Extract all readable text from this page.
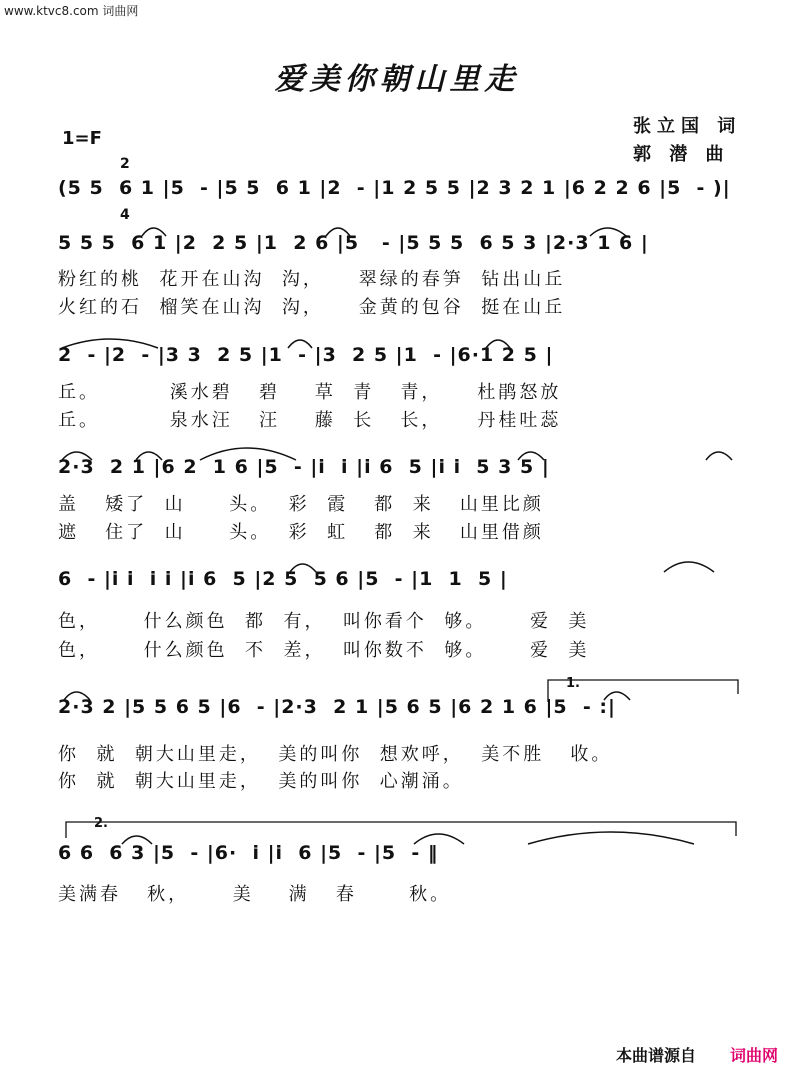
www.ktvc8.com 词曲网
爱美你朝山里走
1=F

2

4

张立国 词
郭 潜 曲
(5 5  6 1 |5  - |5 5  6 1 |2  - |1 2 5 5 |2 3 2 1 |6 2 2 6 |5  - )|
5 5 5  6 1 |2  2 5 |1  2 6 |5   - |5 5 5  6 5 3 |2·3 1 6 |
粉红的桃  花开在山沟  沟，    翠绿的春笋  钻出山丘
火红的石  榴笑在山沟  沟，    金黄的包谷  挺在山丘
2  - |2  - |3 3  2 5 |1  - |3  2 5 |1  - |6·1 2 5 |
丘。        溪水碧   碧    草  青   青，    杜鹃怒放
丘。        泉水汪   汪    藤  长   长，    丹桂吐蕊
2·3  2 1 |6 2  1 6 |5  - |i  i |i 6  5 |i i  5 3 5 |
盖   矮了  山     头。  彩  霞   都  来   山里比颜
遮   住了  山     头。  彩  虹   都  来   山里借颜
6  - |i i  i i |i 6  5 |2 5  5 6 |5  - |1  1  5 |
色，     什么颜色  都  有，  叫你看个  够。     爱  美
色，     什么颜色  不  差，  叫你数不  够。     爱  美
1.
2·3 2 |5 5 6 5 |6  - |2·3  2 1 |5 6 5 |6 2 1 6 |5  - :|
你  就  朝大山里走，  美的叫你  想欢呼，  美不胜   收。
你  就  朝大山里走，  美的叫你  心潮涌。
2.
6 6  6 3 |5  - |6·  i |i  6 |5  - |5  - ‖
美满春   秋，     美    满   春      秋。
本曲谱源自 词曲网
